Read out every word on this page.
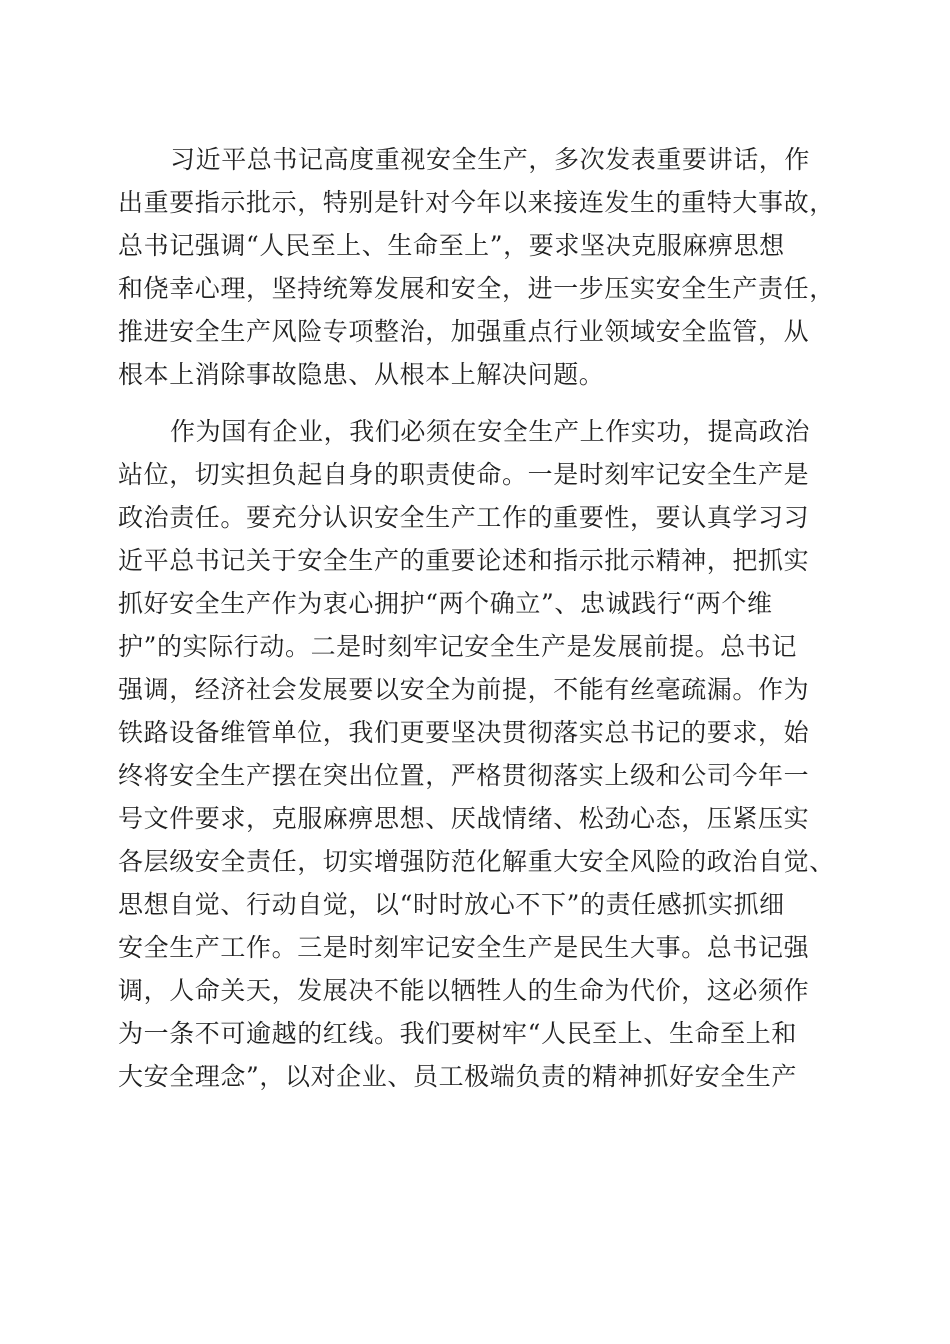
习近平总书记高度重视安全生产，多次发表重要讲话，作
出重要指示批示，特别是针对今年以来接连发生的重特大事故，
总书记强调“人民至上、生命至上”，要求坚决克服麻痹思想
和侥幸心理，坚持统筹发展和安全，进一步压实安全生产责任，
推进安全生产风险专项整治，加强重点行业领域安全监管，从
根本上消除事故隐患、从根本上解决问题。
作为国有企业，我们必须在安全生产上作实功，提高政治
站位，切实担负起自身的职责使命。一是时刻牢记安全生产是
政治责任。要充分认识安全生产工作的重要性，要认真学习习
近平总书记关于安全生产的重要论述和指示批示精神，把抓实
抓好安全生产作为衷心拥护“两个确立”、忠诚践行“两个维
护”的实际行动。二是时刻牢记安全生产是发展前提。总书记
强调，经济社会发展要以安全为前提，不能有丝毫疏漏。作为
铁路设备维管单位，我们更要坚决贯彻落实总书记的要求，始
终将安全生产摆在突出位置，严格贯彻落实上级和公司今年一
号文件要求，克服麻痹思想、厌战情绪、松劲心态，压紧压实
各层级安全责任，切实增强防范化解重大安全风险的政治自觉、
思想自觉、行动自觉，以“时时放心不下”的责任感抓实抓细
安全生产工作。三是时刻牢记安全生产是民生大事。总书记强
调，人命关天，发展决不能以牺牲人的生命为代价，这必须作
为一条不可逾越的红线。我们要树牢“人民至上、生命至上和
大安全理念”，以对企业、员工极端负责的精神抓好安全生产
